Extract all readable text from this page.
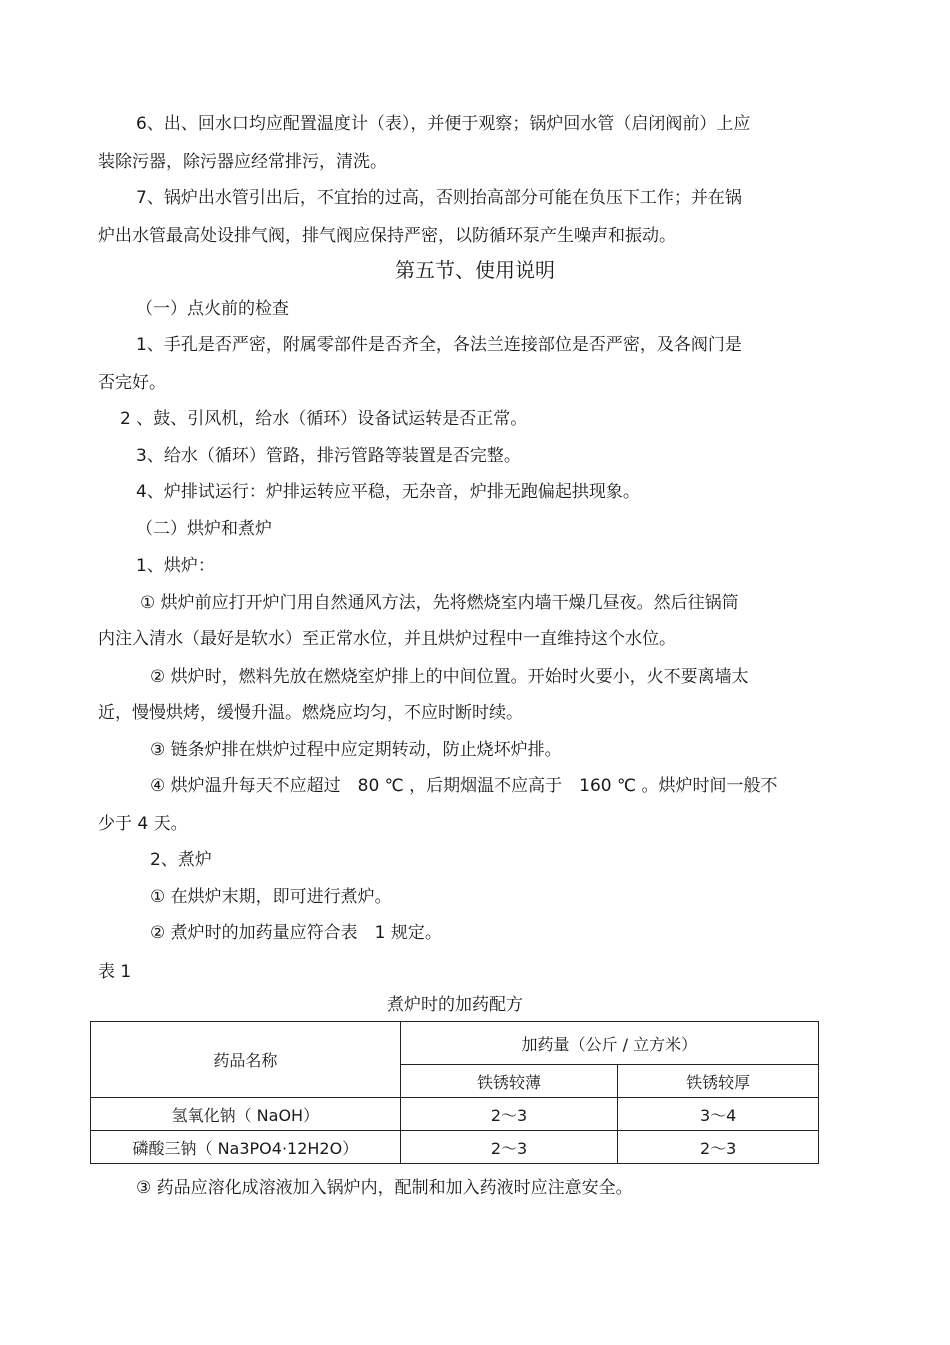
6、出、回水口均应配置温度计（表），并便于观察；锅炉回水管（启闭阀前）上应
装除污器，除污器应经常排污，清洗。
7、锅炉出水管引出后，不宜抬的过高，否则抬高部分可能在负压下工作；并在锅
炉出水管最高处设排气阀，排气阀应保持严密，以防循环泵产生噪声和振动。
第五节、使用说明
（一）点火前的检查
1、手孔是否严密，附属零部件是否齐全，各法兰连接部位是否严密，及各阀门是
否完好。
2 、鼓、引风机，给水（循环）设备试运转是否正常。
3、给水（循环）管路，排污管路等装置是否完整。
4、炉排试运行：炉排运转应平稳，无杂音，炉排无跑偏起拱现象。
（二）烘炉和煮炉
1、烘炉：
① 烘炉前应打开炉门用自然通风方法，先将燃烧室内墙干燥几昼夜。然后往锅筒
内注入清水（最好是软水）至正常水位，并且烘炉过程中一直维持这个水位。
② 烘炉时，燃料先放在燃烧室炉排上的中间位置。开始时火要小，火不要离墙太
近，慢慢烘烤，缓慢升温。燃烧应均匀，不应时断时续。
③ 链条炉排在烘炉过程中应定期转动，防止烧坏炉排。
④ 烘炉温升每天不应超过　80 ℃ ，后期烟温不应高于　160 ℃ 。烘炉时间一般不
少于 4 天。
2、煮炉
① 在烘炉末期，即可进行煮炉。
② 煮炉时的加药量应符合表　1 规定。
表 1
煮炉时的加药配方
药品名称	加药量（公斤 / 立方米）	
	铁锈较薄	铁锈较厚
氢氧化钠（ NaOH）	2～3	3～4
磷酸三钠（ Na3PO4·12H2O）	2～3	2～3
③ 药品应溶化成溶液加入锅炉内，配制和加入药液时应注意安全。
